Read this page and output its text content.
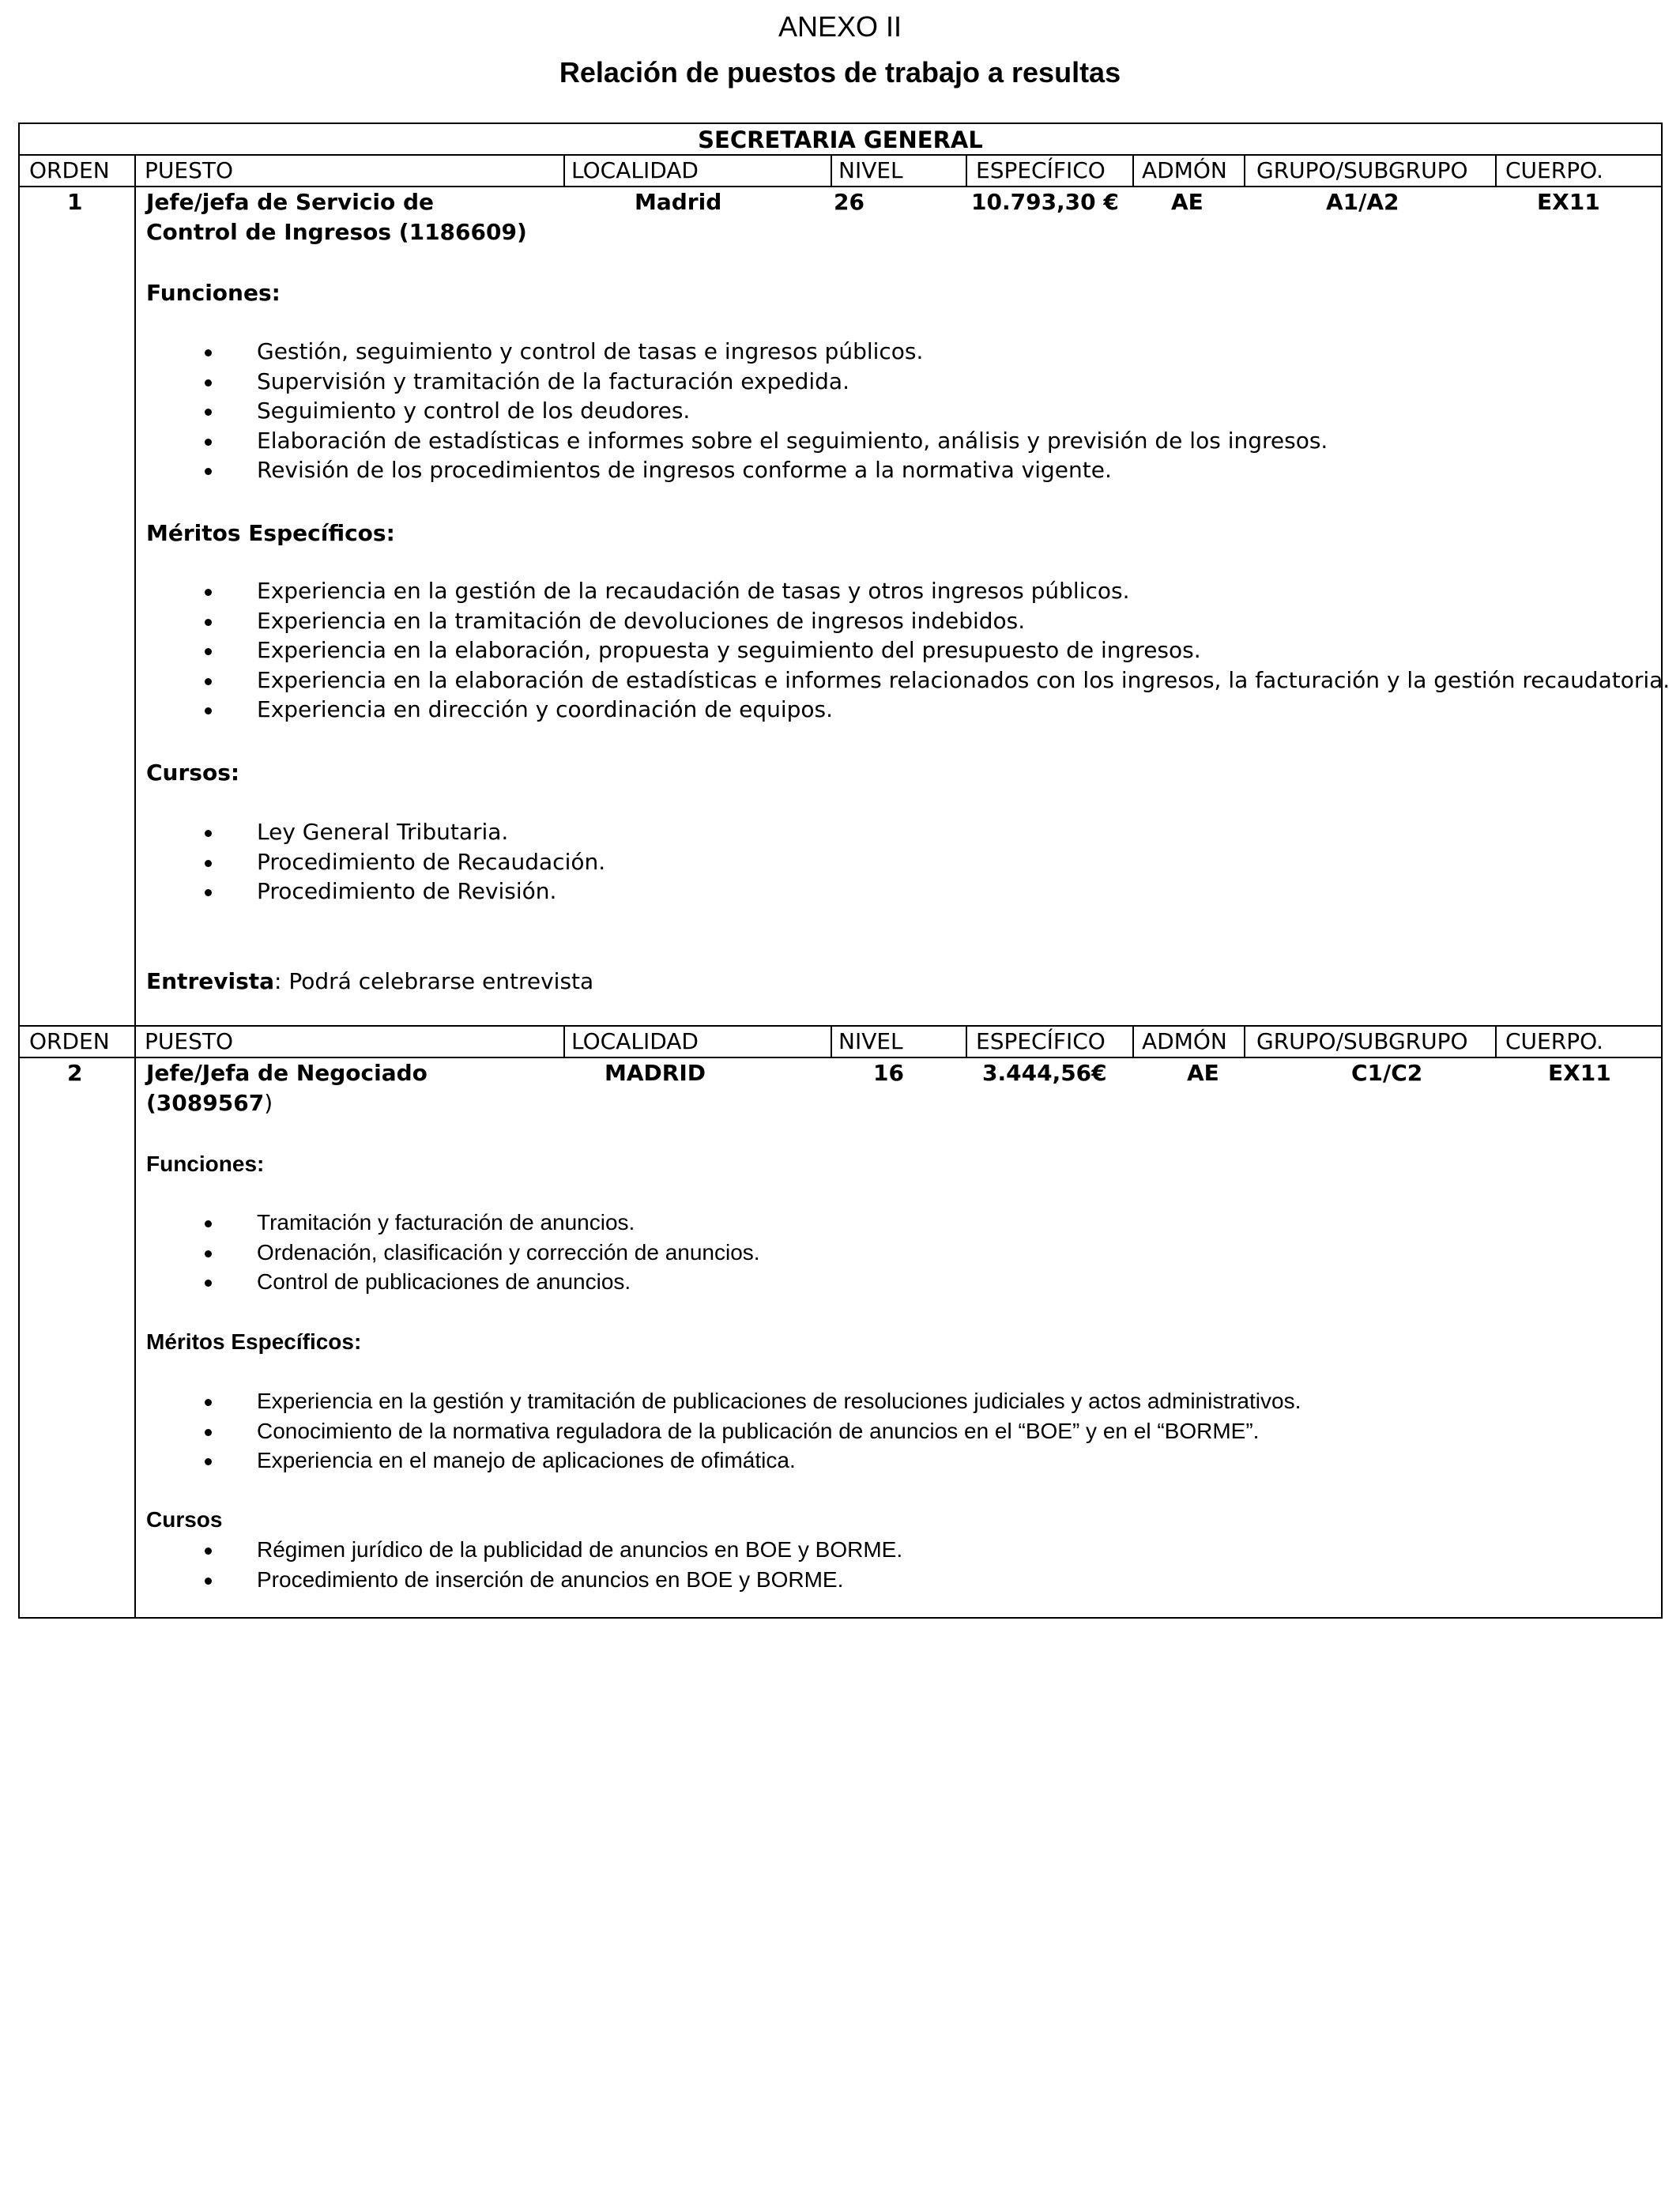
ANEXO II
Relación de puestos de trabajo a resultas
SECRETARIA GENERAL
ORDEN PUESTO	LOCALIDAD	NIVEL	ESPECÍFICO ADMÓN GRUPO/SUBGRUPO CUERPO.
1	Jefe/jefa de Servicio de
Control de Ingresos (1186609)
Madrid	26	10.793,30 € AE	A1/A2	EX11
Funciones:
Gestión, seguimiento y control de tasas e ingresos públicos.
Supervisión y tramitación de la facturación expedida.
Seguimiento y control de los deudores.
Elaboración de estadísticas e informes sobre el seguimiento, análisis y previsión de los ingresos.
Revisión de los procedimientos de ingresos conforme a la normativa vigente.
Méritos Específicos:
Experiencia en la gestión de la recaudación de tasas y otros ingresos públicos.
Experiencia en la tramitación de devoluciones de ingresos indebidos.
Experiencia en la elaboración, propuesta y seguimiento del presupuesto de ingresos.
Experiencia en la elaboración de estadísticas e informes relacionados con los ingresos, la facturación y la gestión recaudatoria.
Experiencia en dirección y coordinación de equipos.
Cursos:
Ley General Tributaria.
Procedimiento de Recaudación.
Procedimiento de Revisión.
Entrevista: Podrá celebrarse entrevista
ORDEN PUESTO	LOCALIDAD	NIVEL	ESPECÍFICO ADMÓN GRUPO/SUBGRUPO CUERPO.
2	Jefe/Jefa de Negociado
(3089567)
MADRID	16	3.444,56€	AE	C1/C2	EX11
Funciones:
Tramitación y facturación de anuncios.
Ordenación, clasificación y corrección de anuncios.
Control de publicaciones de anuncios.
Méritos Específicos:
Experiencia en la gestión y tramitación de publicaciones de resoluciones judiciales y actos administrativos.
Conocimiento de la normativa reguladora de la publicación de anuncios en el “BOE” y en el “BORME”.
Experiencia en el manejo de aplicaciones de ofimática.
Cursos
Régimen jurídico de la publicidad de anuncios en BOE y BORME.
Procedimiento de inserción de anuncios en BOE y BORME.
